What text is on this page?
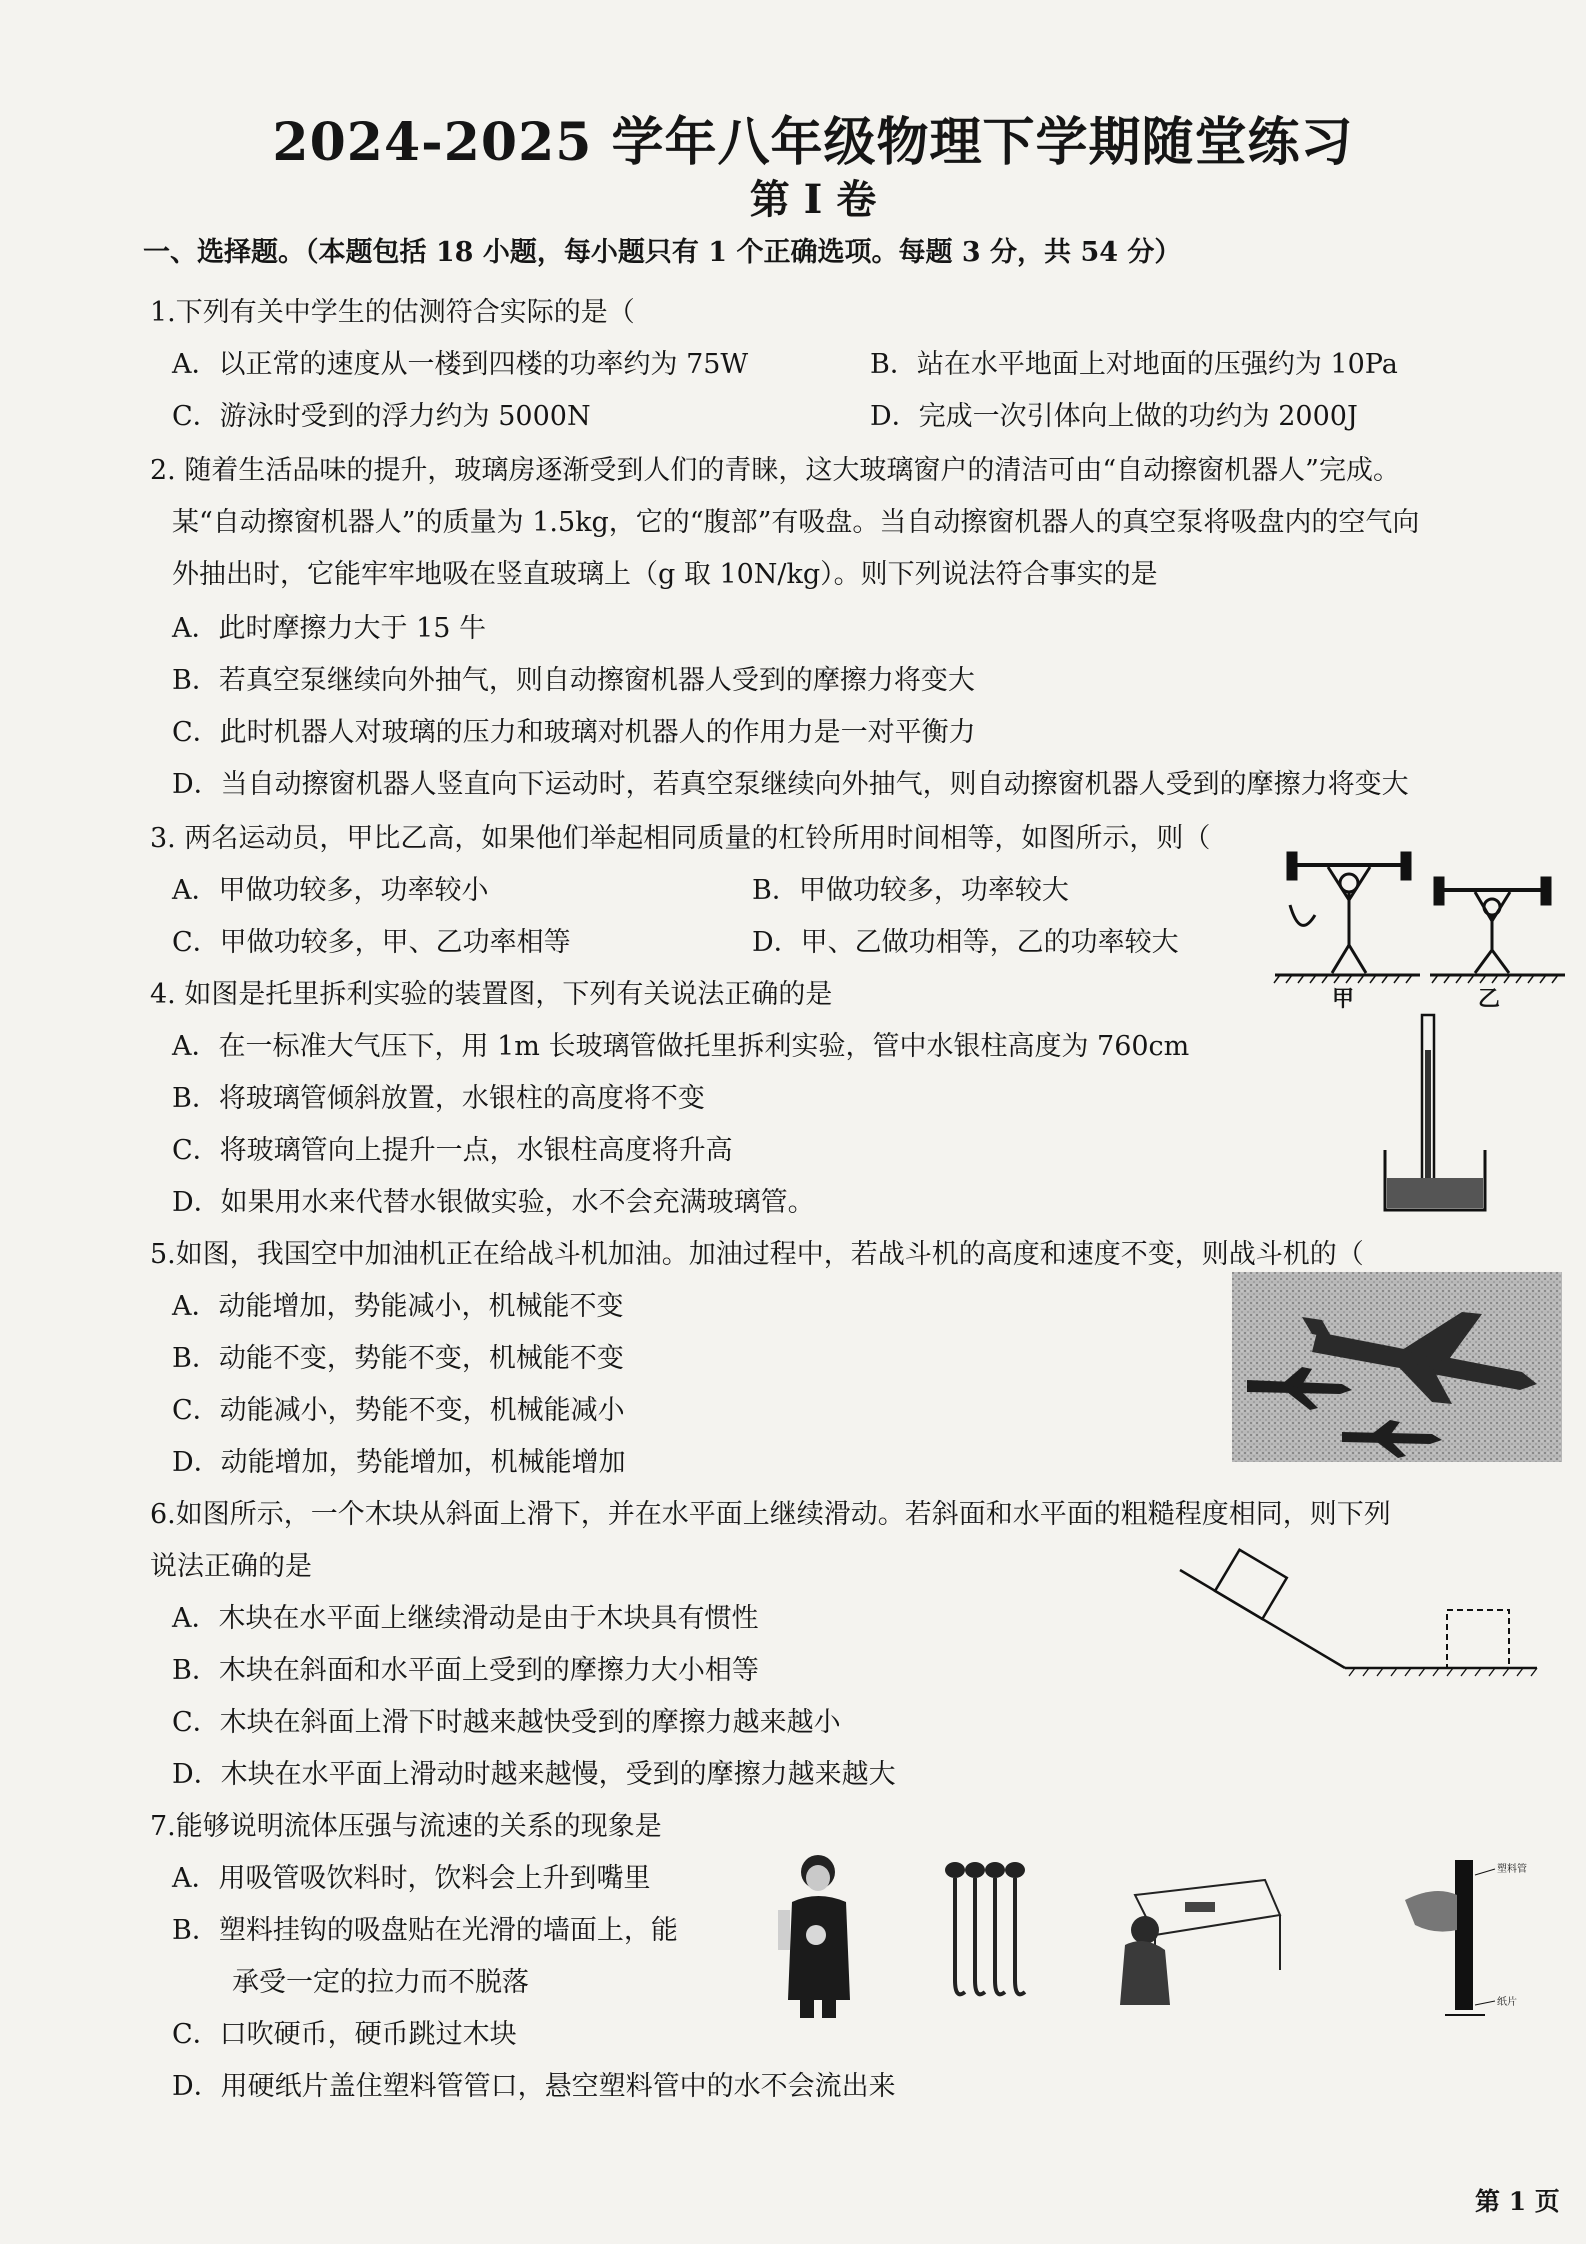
2024-2025 学年八年级物理下学期随堂练习
第 I 卷
一、选择题。（本题包括 18 小题，每小题只有 1 个正确选项。每题 3 分，共 54 分）
1.下列有关中学生的估测符合实际的是（
A．以正常的速度从一楼到四楼的功率约为 75W	B．站在水平地面上对地面的压强约为 10Pa
C．游泳时受到的浮力约为 5000N	D．完成一次引体向上做的功约为 2000J
2. 随着生活品味的提升，玻璃房逐渐受到人们的青睐，这大玻璃窗户的清洁可由“自动擦窗机器人”完成。
某“自动擦窗机器人”的质量为 1.5kg，它的“腹部”有吸盘。当自动擦窗机器人的真空泵将吸盘内的空气向
外抽出时，它能牢牢地吸在竖直玻璃上（g 取 10N/kg）。则下列说法符合事实的是
A．此时摩擦力大于 15 牛
B．若真空泵继续向外抽气，则自动擦窗机器人受到的摩擦力将变大
C．此时机器人对玻璃的压力和玻璃对机器人的作用力是一对平衡力
D．当自动擦窗机器人竖直向下运动时，若真空泵继续向外抽气，则自动擦窗机器人受到的摩擦力将变大
3. 两名运动员，甲比乙高，如果他们举起相同质量的杠铃所用时间相等，如图所示，则（
A．甲做功较多，功率较小	B．甲做功较多，功率较大
C．甲做功较多，甲、乙功率相等	D．甲、乙做功相等，乙的功率较大
甲	乙
4. 如图是托里拆利实验的装置图，下列有关说法正确的是
A．在一标准大气压下，用 1m 长玻璃管做托里拆利实验，管中水银柱高度为 760cm
B．将玻璃管倾斜放置，水银柱的高度将不变
C．将玻璃管向上提升一点，水银柱高度将升高
D．如果用水来代替水银做实验，水不会充满玻璃管。
5.如图，我国空中加油机正在给战斗机加油。加油过程中，若战斗机的高度和速度不变，则战斗机的（
A．动能增加，势能减小，机械能不变
B．动能不变，势能不变，机械能不变
C．动能减小，势能不变，机械能减小
D．动能增加，势能增加，机械能增加
6.如图所示，一个木块从斜面上滑下，并在水平面上继续滑动。若斜面和水平面的粗糙程度相同，则下列
说法正确的是
A．木块在水平面上继续滑动是由于木块具有惯性
B．木块在斜面和水平面上受到的摩擦力大小相等
C．木块在斜面上滑下时越来越快受到的摩擦力越来越小
D．木块在水平面上滑动时越来越慢，受到的摩擦力越来越大
7.能够说明流体压强与流速的关系的现象是
A．用吸管吸饮料时，饮料会上升到嘴里
B．塑料挂钩的吸盘贴在光滑的墙面上，能
承受一定的拉力而不脱落
C．口吹硬币，硬币跳过木块
D．用硬纸片盖住塑料管管口，悬空塑料管中的水不会流出来
塑料管
纸片
第 1 页
